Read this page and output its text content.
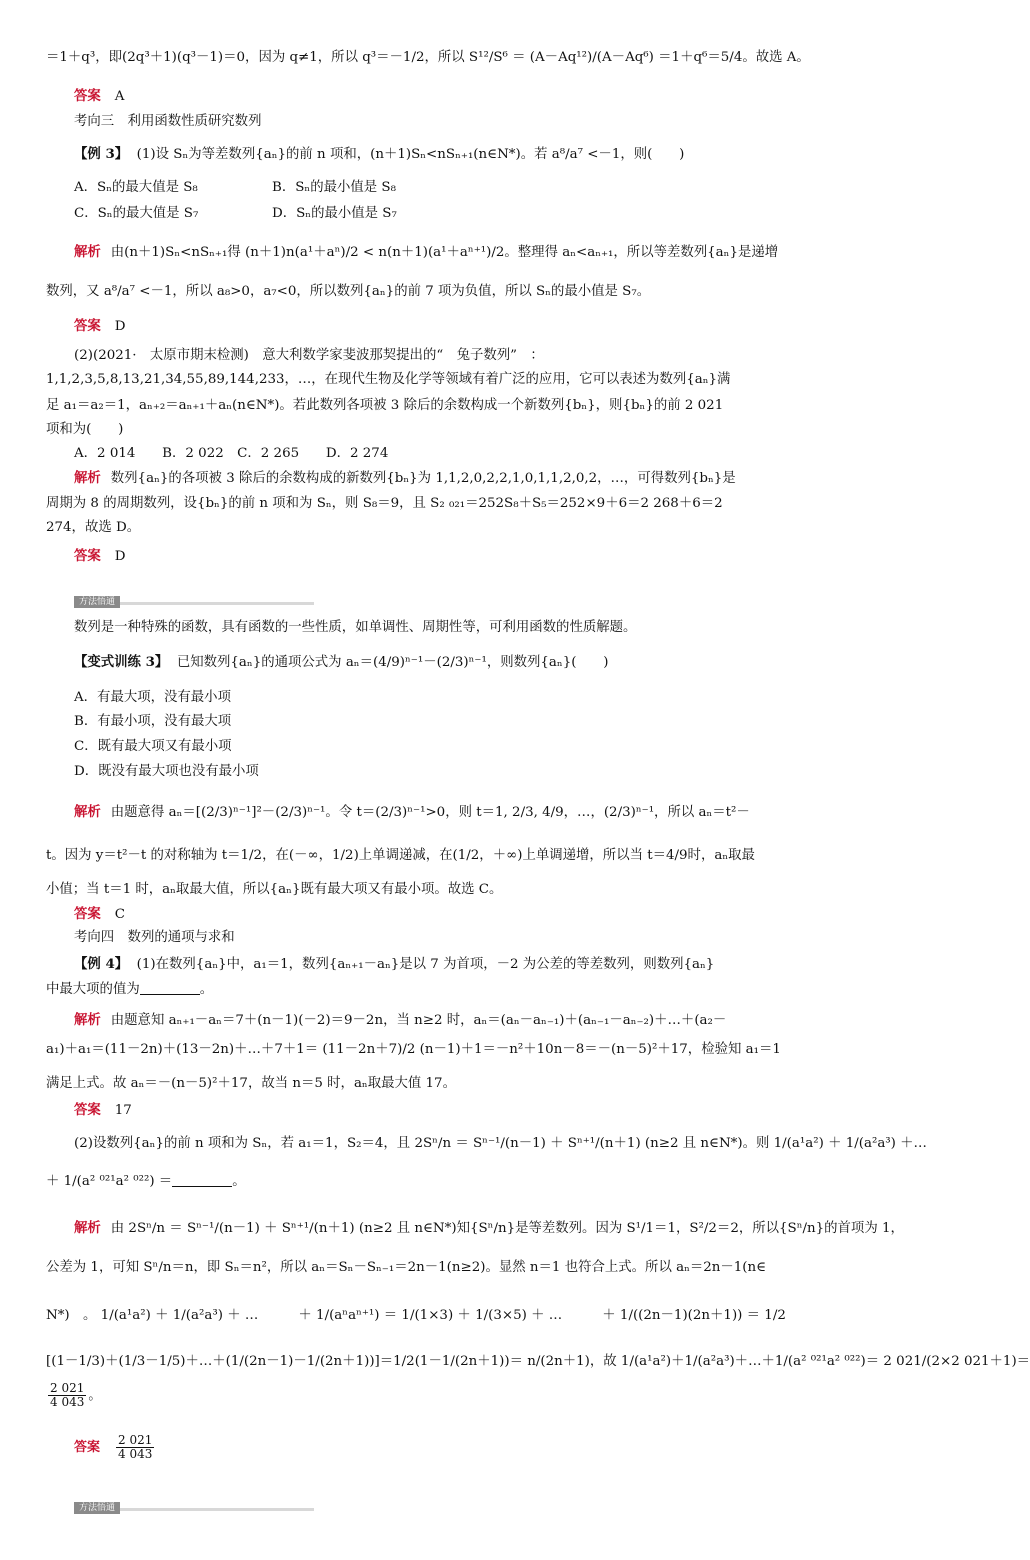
＝1＋q³，即(2q³＋1)(q³－1)＝0，因为 q≠1，所以 q³＝－1/2，所以 S¹²/S⁶ ＝ (A－Aq¹²)/(A－Aq⁶) ＝1＋q⁶＝5/4。故选 A。
答案 A
考向三　利用函数性质研究数列
【例 3】 (1)设 Sₙ为等差数列{aₙ}的前 n 项和，(n＋1)Sₙ<nSₙ₊₁(n∈N*)。若 a⁸/a⁷ <－1，则(　　)
A．Sₙ的最大值是 S₈	B．Sₙ的最小值是 S₈
C．Sₙ的最大值是 S₇	D．Sₙ的最小值是 S₇
解析 由(n＋1)Sₙ<nSₙ₊₁得 (n＋1)n(a¹＋aⁿ)/2 < n(n＋1)(a¹＋aⁿ⁺¹)/2。整理得 aₙ<aₙ₊₁，所以等差数列{aₙ}是递增
数列，又 a⁸/a⁷ <－1，所以 a₈>0，a₇<0，所以数列{aₙ}的前 7 项为负值，所以 Sₙ的最小值是 S₇。
答案 D
(2)(2021·　太原市期末检测)　意大利数学家斐波那契提出的“　兔子数列”　：
1,1,2,3,5,8,13,21,34,55,89,144,233，…，在现代生物及化学等领域有着广泛的应用，它可以表述为数列{aₙ}满
足 a₁＝a₂＝1，aₙ₊₂＝aₙ₊₁＋aₙ(n∈N*)。若此数列各项被 3 除后的余数构成一个新数列{bₙ}，则{bₙ}的前 2 021
项和为(　　)
A．2 014　　B．2 022　C．2 265　　D．2 274
解析 数列{aₙ}的各项被 3 除后的余数构成的新数列{bₙ}为 1,1,2,0,2,2,1,0,1,1,2,0,2，…，可得数列{bₙ}是
周期为 8 的周期数列，设{bₙ}的前 n 项和为 Sₙ，则 S₈＝9，且 S₂ ₀₂₁＝252S₈＋S₅＝252×9＋6＝2 268＋6＝2
274，故选 D。
答案 D
方法悟通
数列是一种特殊的函数，具有函数的一些性质，如单调性、周期性等，可利用函数的性质解题。
【变式训练 3】 已知数列{aₙ}的通项公式为 aₙ＝(4/9)ⁿ⁻¹－(2/3)ⁿ⁻¹，则数列{aₙ}(　　)
A．有最大项，没有最小项
B．有最小项，没有最大项
C．既有最大项又有最小项
D．既没有最大项也没有最小项
解析 由题意得 aₙ＝[(2/3)ⁿ⁻¹]²－(2/3)ⁿ⁻¹。令 t＝(2/3)ⁿ⁻¹>0，则 t＝1, 2/3, 4/9，…，(2/3)ⁿ⁻¹，所以 aₙ＝t²－
t。因为 y＝t²－t 的对称轴为 t＝1/2，在(－∞，1/2)上单调递减，在(1/2，＋∞)上单调递增，所以当 t＝4/9时，aₙ取最
小值；当 t＝1 时，aₙ取最大值，所以{aₙ}既有最大项又有最小项。故选 C。
答案 C
考向四　数列的通项与求和
【例 4】 (1)在数列{aₙ}中，a₁＝1，数列{aₙ₊₁－aₙ}是以 7 为首项，－2 为公差的等差数列，则数列{aₙ}
中最大项的值为	。
解析 由题意知 aₙ₊₁－aₙ＝7＋(n－1)(－2)＝9－2n，当 n≥2 时，aₙ＝(aₙ－aₙ₋₁)＋(aₙ₋₁－aₙ₋₂)＋…＋(a₂－
a₁)＋a₁＝(11－2n)＋(13－2n)＋…＋7＋1＝ (11－2n＋7)/2 (n－1)＋1＝－n²＋10n－8＝－(n－5)²＋17，检验知 a₁＝1
满足上式。故 aₙ＝－(n－5)²＋17，故当 n＝5 时，aₙ取最大值 17。
答案 17
(2)设数列{aₙ}的前 n 项和为 Sₙ，若 a₁＝1，S₂＝4，且 2Sⁿ/n ＝ Sⁿ⁻¹/(n－1) ＋ Sⁿ⁺¹/(n＋1) (n≥2 且 n∈N*)。则 1/(a¹a²) ＋ 1/(a²a³) ＋…
＋ 1/(a² ⁰²¹a² ⁰²²) ＝	。
解析 由 2Sⁿ/n ＝ Sⁿ⁻¹/(n－1) ＋ Sⁿ⁺¹/(n＋1) (n≥2 且 n∈N*)知{Sⁿ/n}是等差数列。因为 S¹/1＝1，S²/2＝2，所以{Sⁿ/n}的首项为 1，
公差为 1，可知 Sⁿ/n＝n，即 Sₙ＝n²，所以 aₙ＝Sₙ－Sₙ₋₁＝2n－1(n≥2)。显然 n＝1 也符合上式。所以 aₙ＝2n－1(n∈
N*)　。 1/(a¹a²) ＋ 1/(a²a³) ＋ …　　　＋ 1/(aⁿaⁿ⁺¹) ＝ 1/(1×3) ＋ 1/(3×5) ＋ …　　　＋ 1/((2n－1)(2n＋1)) ＝ 1/2
[(1－1/3)＋(1/3－1/5)＋…＋(1/(2n－1)－1/(2n＋1))]＝1/2(1－1/(2n＋1))＝ n/(2n＋1)，故 1/(a¹a²)＋1/(a²a³)＋…＋1/(a² ⁰²¹a² ⁰²²)＝ 2 021/(2×2 021＋1)＝
$\frac{2 021}{4 043}$ 。
答案 $\frac{2 021}{4 043}$
方法悟通
